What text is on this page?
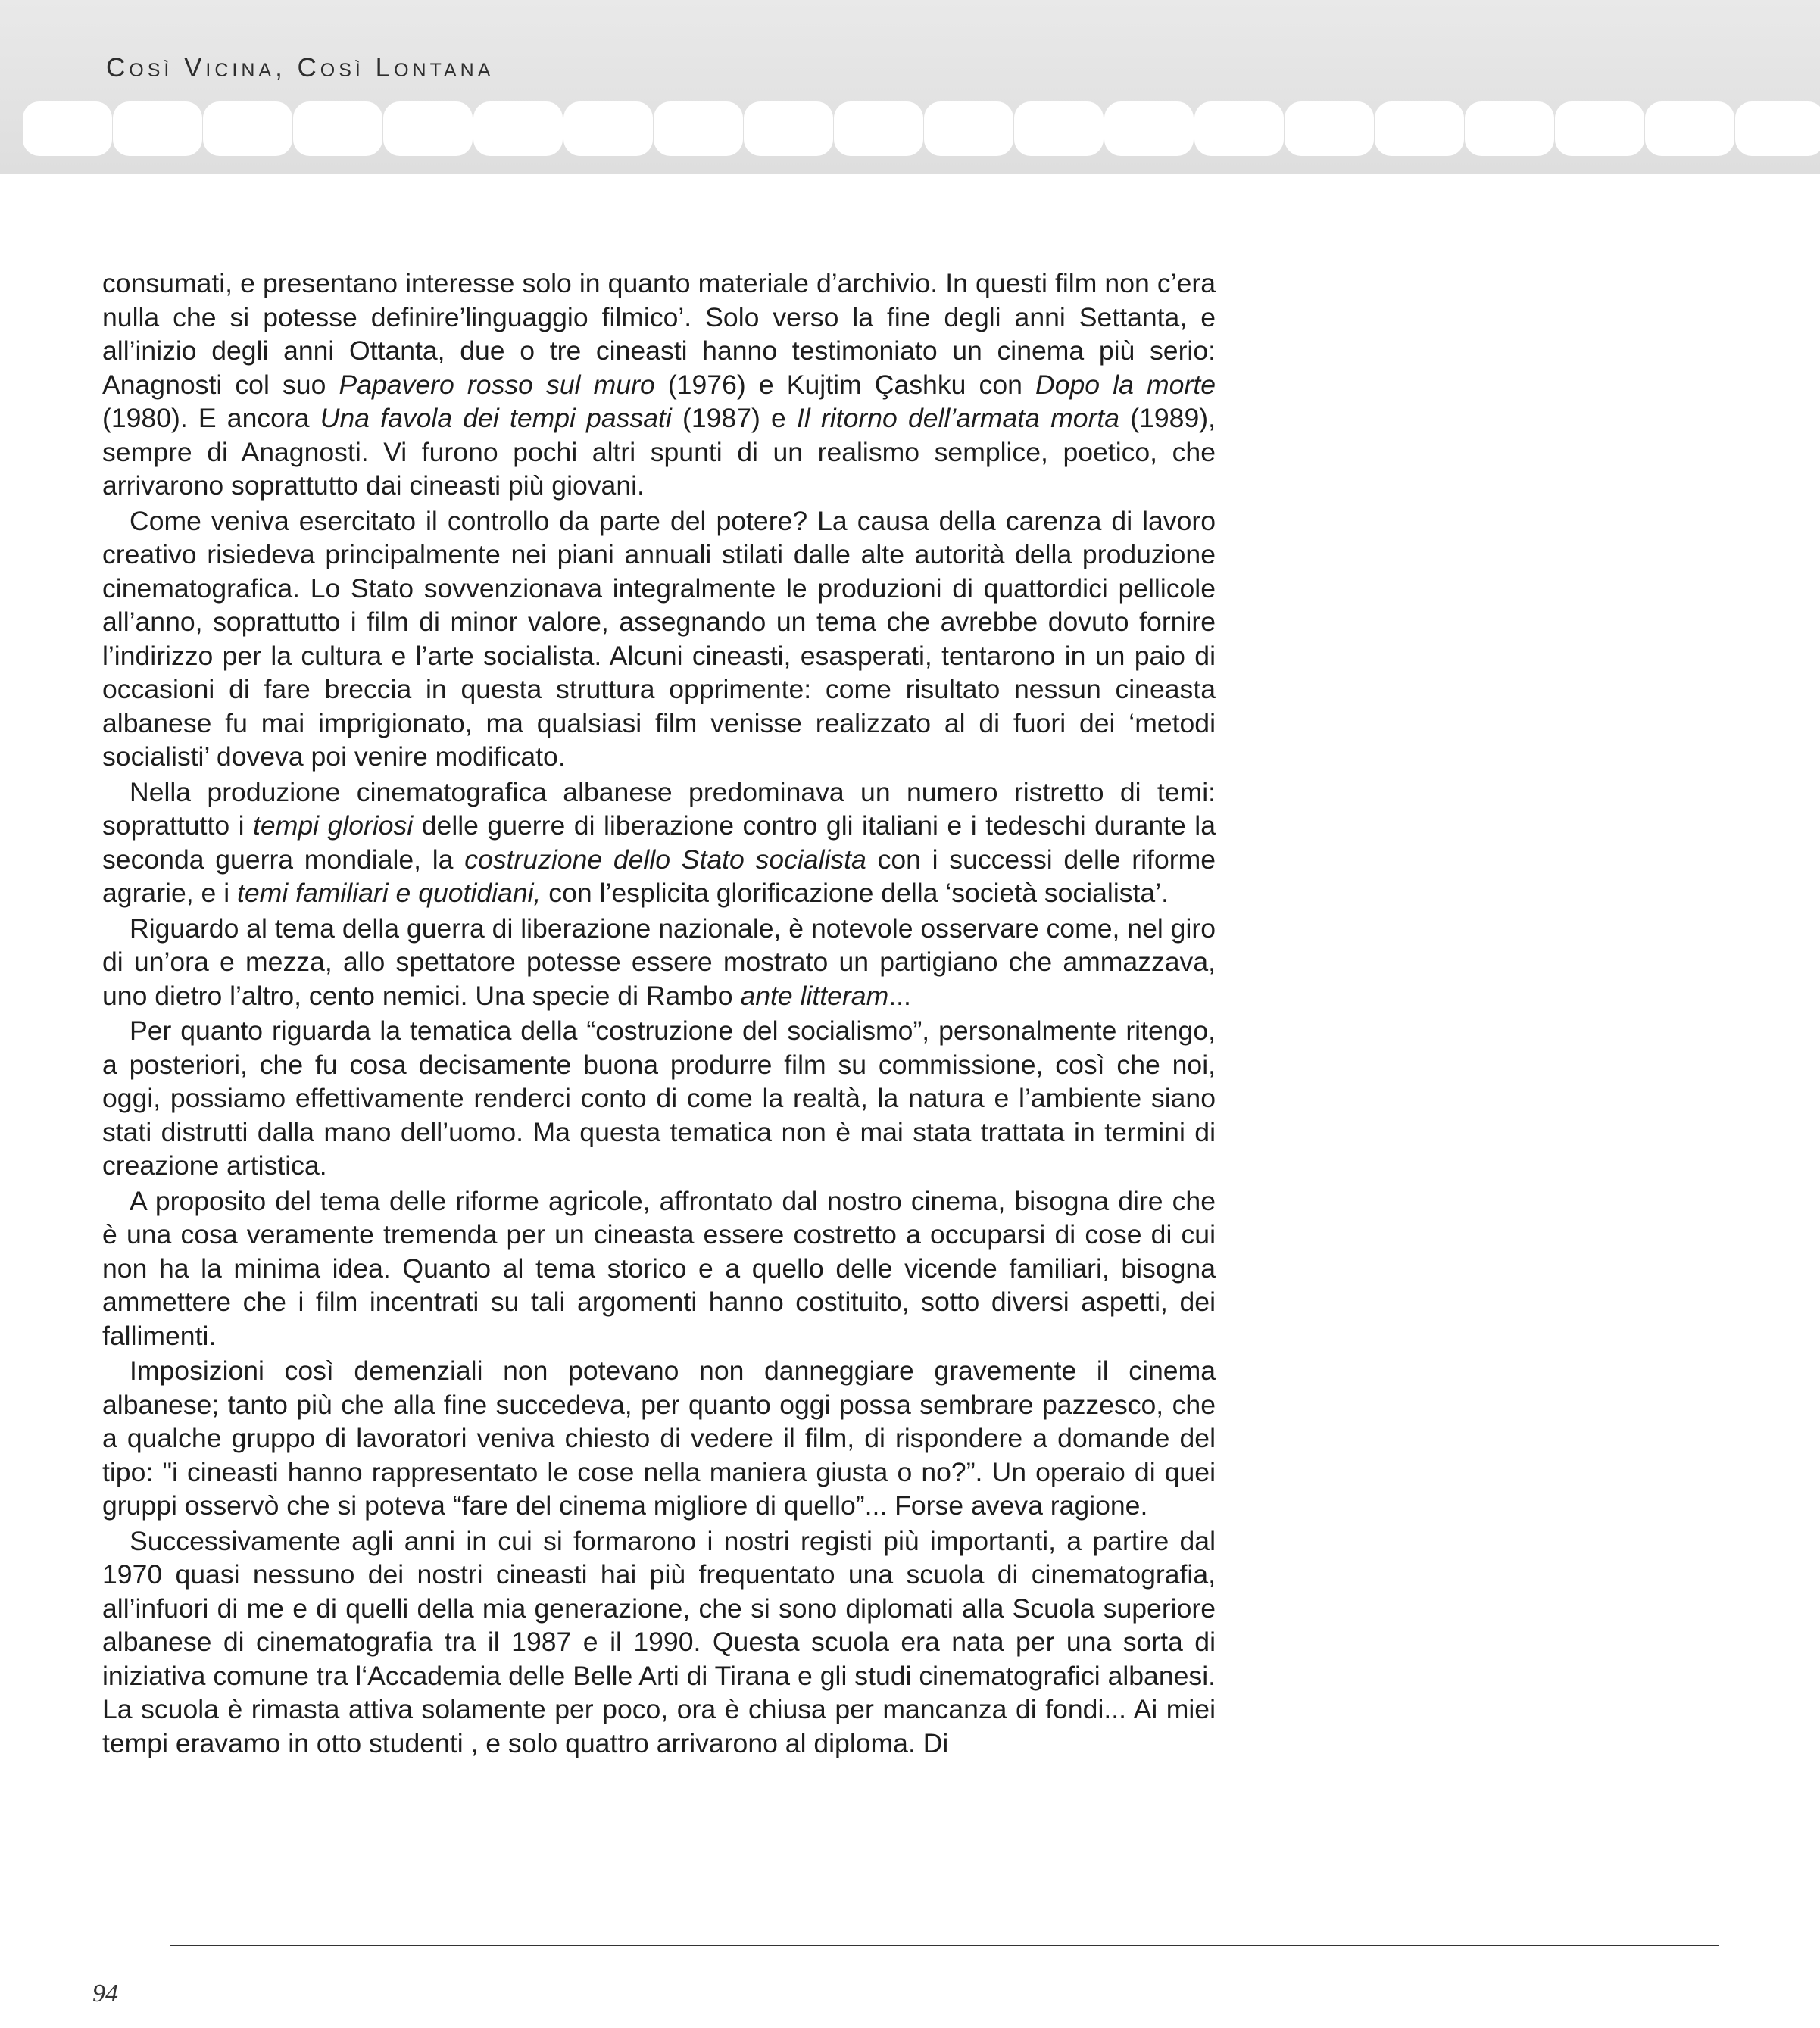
Così Vicina, Così Lontana

consumati, e presentano interesse solo in quanto materiale d’archivio. In questi film non c’era nulla che si potesse definire’linguaggio filmico’. Solo verso la fine degli anni Settanta, e all’inizio degli anni Ottanta, due o tre cineasti hanno testimoniato un cinema più serio: Anagnosti col suo Papavero rosso sul muro (1976) e Kujtim Çashku con Dopo la morte (1980). E ancora Una favola dei tempi passati (1987) e Il ritorno dell’armata morta (1989), sempre di Anagnosti. Vi furono pochi altri spunti di un realismo semplice, poetico, che arrivarono soprattutto dai cineasti più giovani.

Come veniva esercitato il controllo da parte del potere? La causa della carenza di lavoro creativo risiedeva principalmente nei piani annuali stilati dalle alte autorità della produzione cinematografica. Lo Stato sovvenzionava integralmente le produzioni di quattordici pellicole all’anno, soprattutto i film di minor valore, assegnando un tema che avrebbe dovuto fornire l’indirizzo per la cultura e l’arte socialista. Alcuni cineasti, esasperati, tentarono in un paio di occasioni di fare breccia in questa struttura opprimente: come risultato nessun cineasta albanese fu mai imprigionato, ma qualsiasi film venisse realizzato al di fuori dei ‘metodi socialisti’ doveva poi venire modificato.

Nella produzione cinematografica albanese predominava un numero ristretto di temi: soprattutto i tempi gloriosi delle guerre di liberazione contro gli italiani e i tedeschi durante la seconda guerra mondiale, la costruzione dello Stato socialista con i successi delle riforme agrarie, e i temi familiari e quotidiani, con l’esplicita glorificazione della ‘società socialista’.

Riguardo al tema della guerra di liberazione nazionale, è notevole osservare come, nel giro di un’ora e mezza, allo spettatore potesse essere mostrato un partigiano che ammazzava, uno dietro l’altro, cento nemici. Una specie di Rambo ante litteram...

Per quanto riguarda la tematica della “costruzione del socialismo”, personalmente ritengo, a posteriori, che fu cosa decisamente buona produrre film su commissione, così che noi, oggi, possiamo effettivamente renderci conto di come la realtà, la natura e l’ambiente siano stati distrutti dalla mano dell’uomo. Ma questa tematica non è mai stata trattata in termini di creazione artistica.

A proposito del tema delle riforme agricole, affrontato dal nostro cinema, bisogna dire che è una cosa veramente tremenda per un cineasta essere costretto a occuparsi di cose di cui non ha la minima idea. Quanto al tema storico e a quello delle vicende familiari, bisogna ammettere che i film incentrati su tali argomenti hanno costituito, sotto diversi aspetti, dei fallimenti.

Imposizioni così demenziali non potevano non danneggiare gravemente il cinema albanese; tanto più che alla fine succedeva, per quanto oggi possa sembrare pazzesco, che a qualche gruppo di lavoratori veniva chiesto di vedere il film, di rispondere a domande del tipo: "i cineasti hanno rappresentato le cose nella maniera giusta o no?”. Un operaio di quei gruppi osservò che si poteva “fare del cinema migliore di quello”... Forse aveva ragione.

Successivamente agli anni in cui si formarono i nostri registi più importanti, a partire dal 1970 quasi nessuno dei nostri cineasti hai più frequentato una scuola di cinematografia, all’infuori di me e di quelli della mia generazione, che si sono diplomati alla Scuola superiore albanese di cinematografia tra il 1987 e il 1990. Questa scuola era nata per una sorta di iniziativa comune tra l‘Accademia delle Belle Arti di Tirana e gli studi cinematografici albanesi. La scuola è rimasta attiva solamente per poco, ora è chiusa per mancanza di fondi... Ai miei tempi eravamo in otto studenti , e solo quattro arrivarono al diploma. Di

94
